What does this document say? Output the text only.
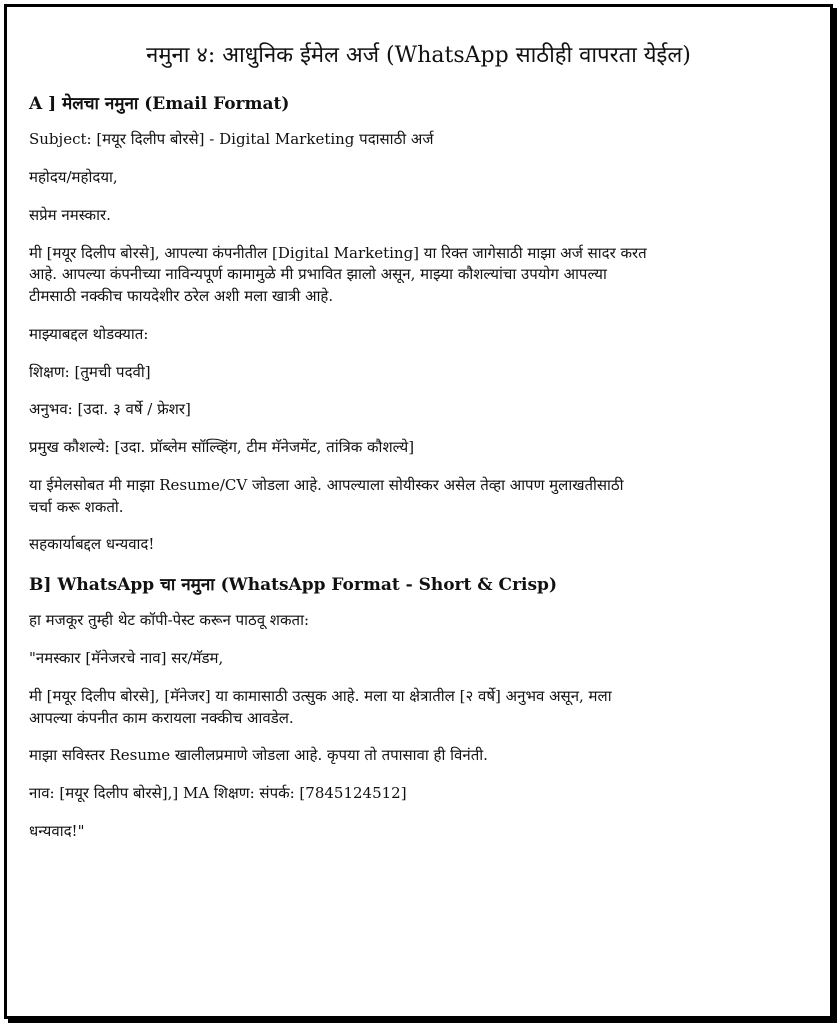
नमुना ४: आधुनिक ईमेल अर्ज (WhatsApp साठीही वापरता येईल)
A ] मेलचा नमुना (Email Format)
Subject: [मयूर दिलीप बोरसे] - Digital Marketing पदासाठी अर्ज
महोदय/महोदया,
सप्रेम नमस्कार.
मी [मयूर दिलीप बोरसे], आपल्या कंपनीतील [Digital Marketing] या रिक्त जागेसाठी माझा अर्ज सादर करत
आहे. आपल्या कंपनीच्या नाविन्यपूर्ण कामामुळे मी प्रभावित झालो असून, माझ्या कौशल्यांचा उपयोग आपल्या
टीमसाठी नक्कीच फायदेशीर ठरेल अशी मला खात्री आहे.
माझ्याबद्दल थोडक्यात:
शिक्षण: [तुमची पदवी]
अनुभव: [उदा. ३ वर्षे / फ्रेशर]
प्रमुख कौशल्ये: [उदा. प्रॉब्लेम सॉल्व्हिंग, टीम मॅनेजमेंट, तांत्रिक कौशल्ये]
या ईमेलसोबत मी माझा Resume/CV जोडला आहे. आपल्याला सोयीस्कर असेल तेव्हा आपण मुलाखतीसाठी
चर्चा करू शकतो.
सहकार्याबद्दल धन्यवाद!
B] WhatsApp चा नमुना (WhatsApp Format - Short & Crisp)
हा मजकूर तुम्ही थेट कॉपी-पेस्ट करून पाठवू शकता:
"नमस्कार [मॅनेजरचे नाव] सर/मॅडम,
मी [मयूर दिलीप बोरसे], [मॅनेजर] या कामासाठी उत्सुक आहे. मला या क्षेत्रातील [२ वर्षे] अनुभव असून, मला
आपल्या कंपनीत काम करायला नक्कीच आवडेल.
माझा सविस्तर Resume खालीलप्रमाणे जोडला आहे. कृपया तो तपासावा ही विनंती.
नाव: [मयूर दिलीप बोरसे],] MA शिक्षण: संपर्क: [7845124512]
धन्यवाद!"
